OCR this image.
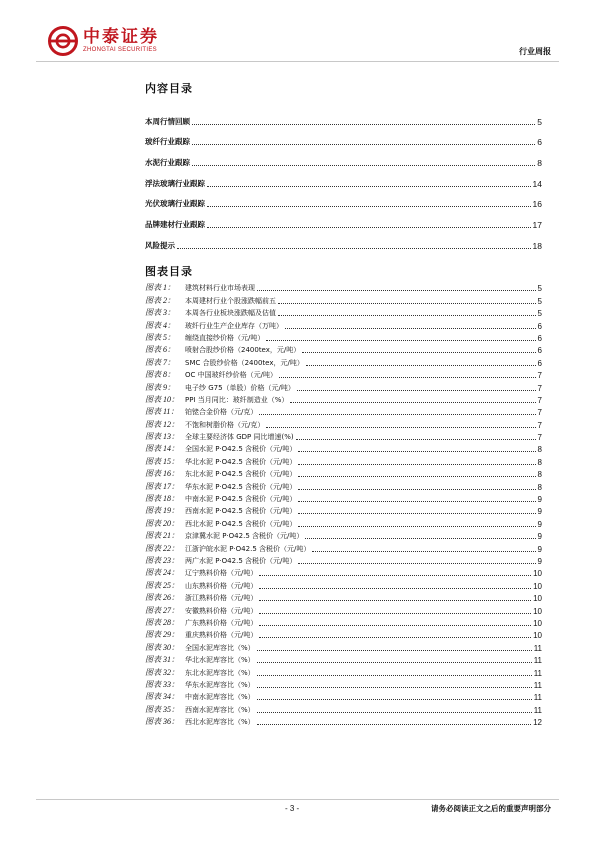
中泰证券
ZHONGTAI SECURITIES	行业周报
内容目录
本周行情回顾	5
玻纤行业跟踪	6
水泥行业跟踪	8
浮法玻璃行业跟踪	14
光伏玻璃行业跟踪	16
品牌建材行业跟踪	17
风险提示	18
图表目录
图表 1：	建筑材料行业市场表现	5
图表 2：	本周建材行业个股涨跌幅前五	5
图表 3：	本周各行业板块涨跌幅及估值	5
图表 4：	玻纤行业生产企业库存（万吨）	6
图表 5：	缠绕直接纱价格（元/吨）	6
图表 6：	喷射合股纱价格（2400tex，元/吨）	6
图表 7：	SMC 合股纱价格（2400tex，元/吨）	6
图表 8：	OC 中国玻纤纱价格（元/吨）	7
图表 9：	电子纱 G75（单股）价格（元/吨）	7
图表 10： PPI 当月同比：玻纤制造业（%）	7
图表 11： 铂铑合金价格（元/克）	7
图表 12： 不饱和树脂价格（元/克）	7
图表 13： 全球主要经济体 GDP 同比增速(%)	7
图表 14： 全国水泥 P·O42.5 含税价（元/吨）	8
图表 15： 华北水泥 P·O42.5 含税价（元/吨）	8
图表 16： 东北水泥 P·O42.5 含税价（元/吨）	8
图表 17： 华东水泥 P·O42.5 含税价（元/吨）	8
图表 18： 中南水泥 P·O42.5 含税价（元/吨）	9
图表 19： 西南水泥 P·O42.5 含税价（元/吨）	9
图表 20： 西北水泥 P·O42.5 含税价（元/吨）	9
图表 21： 京津冀水泥 P·O42.5 含税价（元/吨）	9
图表 22： 江浙沪皖水泥 P·O42.5 含税价（元/吨）	9
图表 23： 两广水泥 P·O42.5 含税价（元/吨）	9
图表 24： 辽宁熟料价格（元/吨）	10
图表 25： 山东熟料价格（元/吨）	10
图表 26： 浙江熟料价格（元/吨）	10
图表 27： 安徽熟料价格（元/吨）	10
图表 28： 广东熟料价格（元/吨）	10
图表 29： 重庆熟料价格（元/吨）	10
图表 30： 全国水泥库容比（%）	11
图表 31： 华北水泥库容比（%）	11
图表 32： 东北水泥库容比（%）	11
图表 33： 华东水泥库容比（%）	11
图表 34： 中南水泥库容比（%）	11
图表 35： 西南水泥库容比（%）	11
图表 36： 西北水泥库容比（%）	12
- 3 -	请务必阅读正文之后的重要声明部分
